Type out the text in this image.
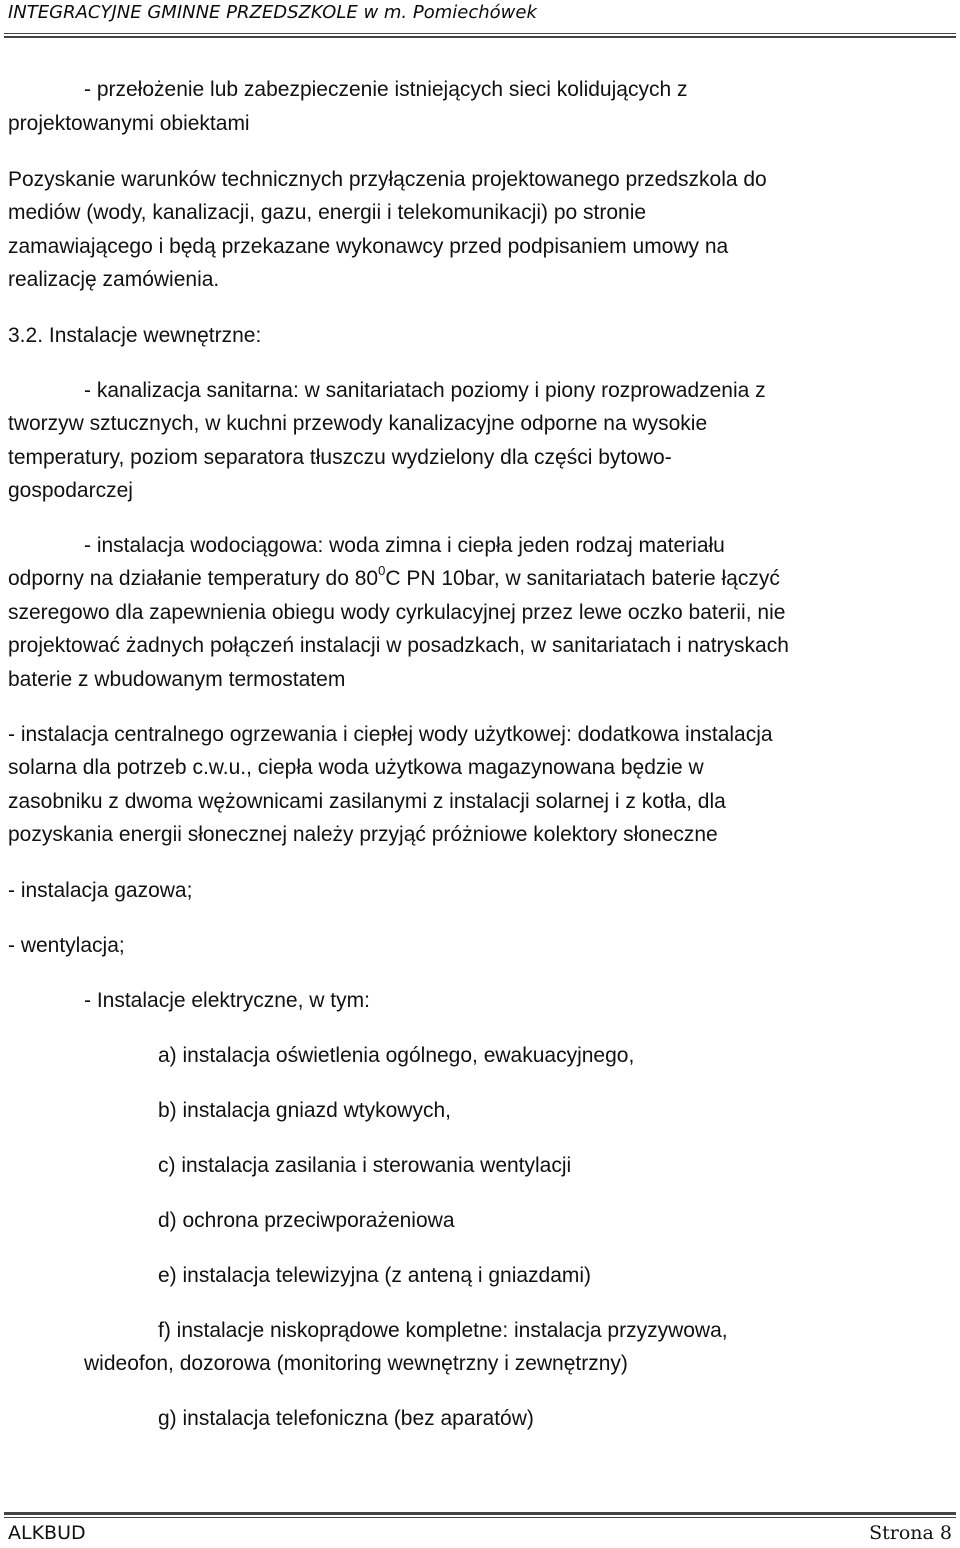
INTEGRACYJNE GMINNE PRZEDSZKOLE w m. Pomiechówek
- przełożenie lub zabezpieczenie istniejących sieci kolidujących z
projektowanymi obiektami
Pozyskanie warunków technicznych przyłączenia projektowanego przedszkola do
mediów (wody, kanalizacji, gazu, energii i telekomunikacji) po stronie
zamawiającego i będą przekazane wykonawcy przed podpisaniem umowy na
realizację zamówienia.
3.2. Instalacje wewnętrzne:
- kanalizacja sanitarna: w sanitariatach poziomy i piony rozprowadzenia z
tworzyw sztucznych, w kuchni przewody kanalizacyjne odporne na wysokie
temperatury, poziom separatora tłuszczu wydzielony dla części bytowo-
gospodarczej
- instalacja wodociągowa: woda zimna i ciepła jeden rodzaj materiału
odporny na działanie temperatury do $80^0C$ PN 10bar, w sanitariatach baterie łączyć
szeregowo dla zapewnienia obiegu wody cyrkulacyjnej przez lewe oczko baterii, nie
projektować żadnych połączeń instalacji w posadzkach, w sanitariatach i natryskach
baterie z wbudowanym termostatem
- instalacja centralnego ogrzewania i ciepłej wody użytkowej: dodatkowa instalacja
solarna dla potrzeb c.w.u., ciepła woda użytkowa magazynowana będzie w
zasobniku z dwoma wężownicami zasilanymi z instalacji solarnej i z kotła, dla
pozyskania energii słonecznej należy przyjąć próżniowe kolektory słoneczne
- instalacja gazowa;
- wentylacja;
- Instalacje elektryczne, w tym:
a) instalacja oświetlenia ogólnego, ewakuacyjnego,
b) instalacja gniazd wtykowych,
c) instalacja zasilania i sterowania wentylacji
d) ochrona przeciwporażeniowa
e) instalacja telewizyjna (z anteną i gniazdami)
f) instalacje niskoprądowe kompletne: instalacja przyzywowa,
wideofon, dozorowa (monitoring wewnętrzny i zewnętrzny)
g) instalacja telefoniczna (bez aparatów)
ALKBUD	Strona 8
